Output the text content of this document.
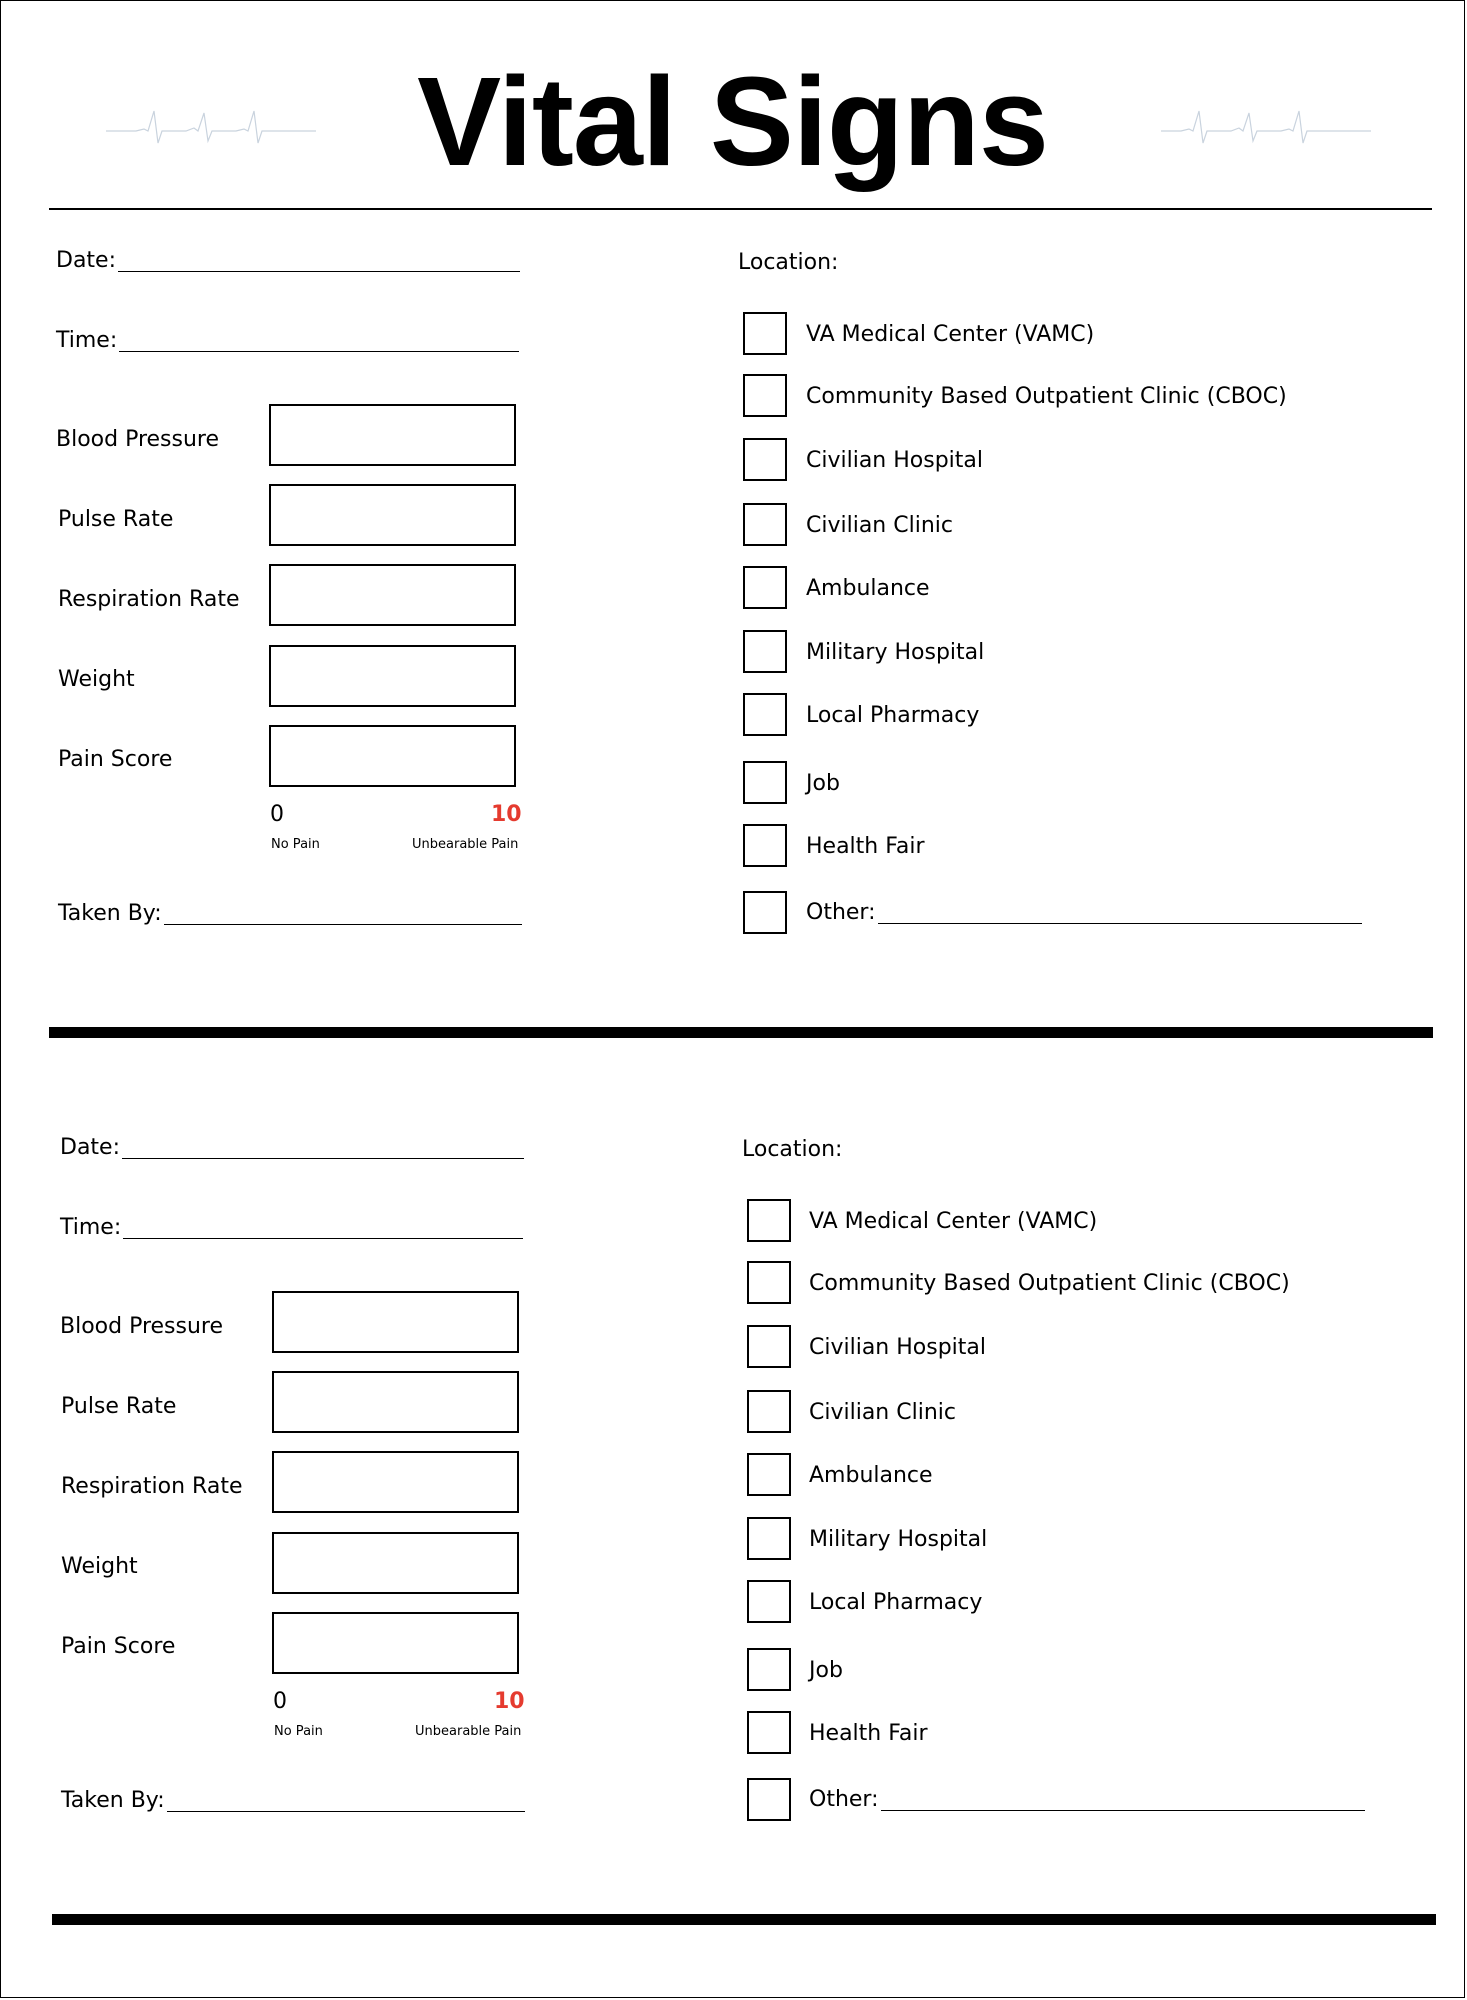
Vital Signs
Date:
Time:
Blood Pressure
Pulse Rate
Respiration Rate
Weight
Pain Score
0	10
No Pain	Unbearable Pain
Taken By:
Location:
VA Medical Center (VAMC)
Community Based Outpatient Clinic (CBOC)
Civilian Hospital
Civilian Clinic
Ambulance
Military Hospital
Local Pharmacy
Job
Health Fair
Other:
Date:
Time:
Blood Pressure
Pulse Rate
Respiration Rate
Weight
Pain Score
0	10
No Pain	Unbearable Pain
Taken By:
Location:
VA Medical Center (VAMC)
Community Based Outpatient Clinic (CBOC)
Civilian Hospital
Civilian Clinic
Ambulance
Military Hospital
Local Pharmacy
Job
Health Fair
Other:
